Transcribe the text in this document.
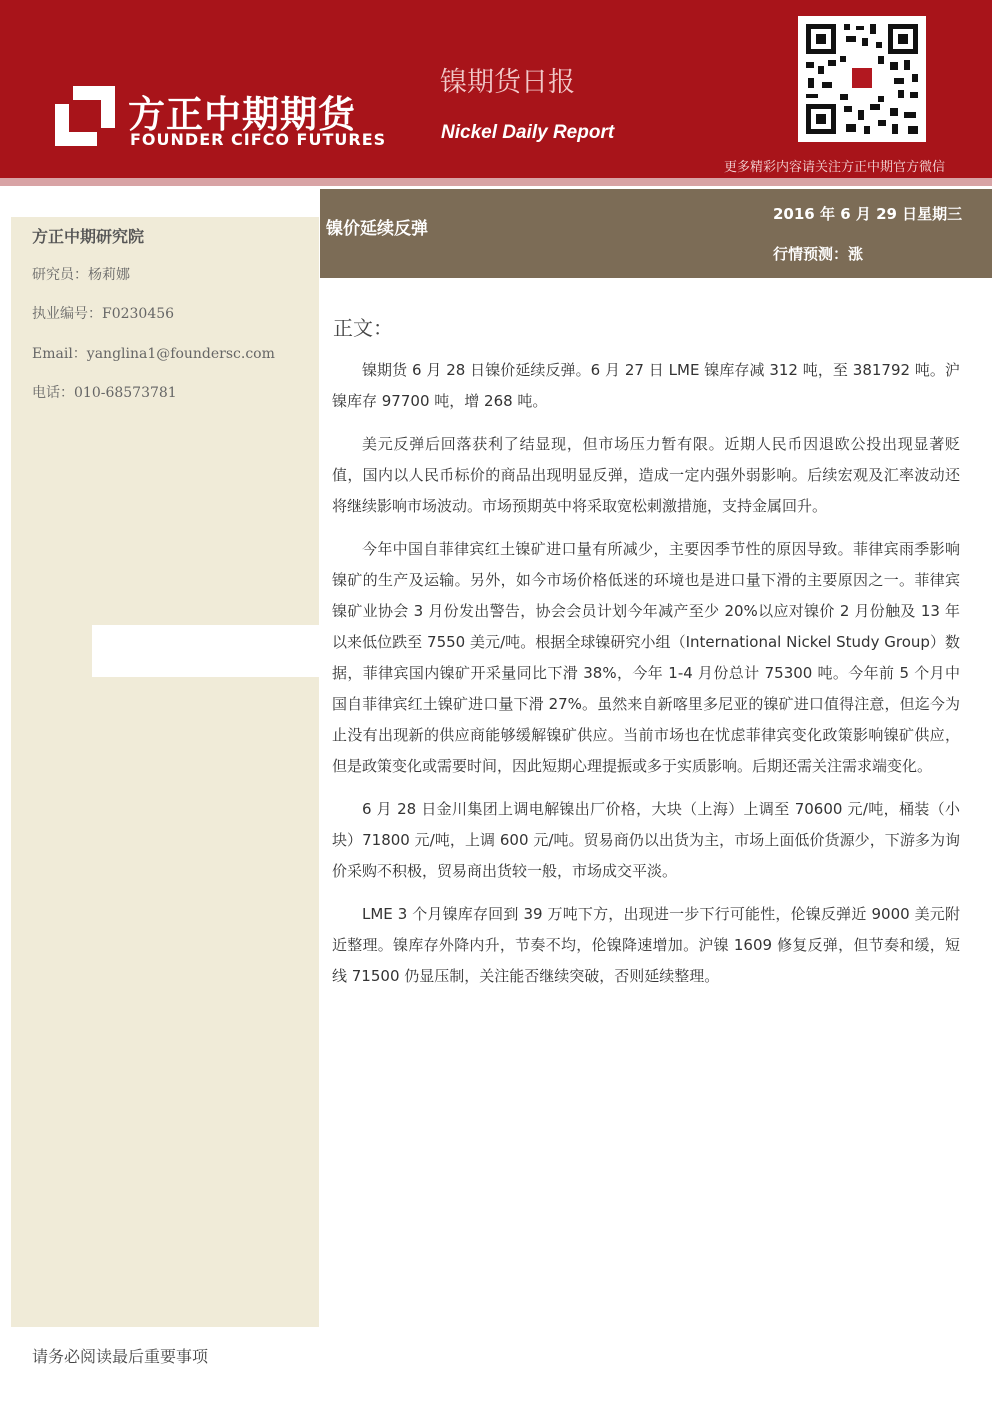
方正中期期货
FOUNDER CIFCO FUTURES
镍期货日报
Nickel Daily Report
更多精彩内容请关注方正中期官方微信
方正中期研究院
研究员：杨莉娜
执业编号：F0230456
Email：yanglina1@foundersc.com
电话：010-68573781
镍价延续反弹
2016 年 6 月 29 日星期三
行情预测：涨
正文：

镍期货 6 月 28 日镍价延续反弹。6 月 27 日 LME 镍库存减 312 吨，至 381792 吨。沪镍库存 97700 吨，增 268 吨。

美元反弹后回落获利了结显现，但市场压力暂有限。近期人民币因退欧公投出现显著贬值，国内以人民币标价的商品出现明显反弹，造成一定内强外弱影响。后续宏观及汇率波动还将继续影响市场波动。市场预期英中将采取宽松刺激措施，支持金属回升。

今年中国自菲律宾红土镍矿进口量有所减少，主要因季节性的原因导致。菲律宾雨季影响镍矿的生产及运输。另外，如今市场价格低迷的环境也是进口量下滑的主要原因之一。菲律宾镍矿业协会 3 月份发出警告，协会会员计划今年减产至少 20%以应对镍价 2 月份触及 13 年以来低位跌至 7550 美元/吨。根据全球镍研究小组（International Nickel Study Group）数据，菲律宾国内镍矿开采量同比下滑 38%，今年 1-4 月份总计 75300 吨。今年前 5 个月中国自菲律宾红土镍矿进口量下滑 27%。虽然来自新喀里多尼亚的镍矿进口值得注意，但迄今为止没有出现新的供应商能够缓解镍矿供应。当前市场也在忧虑菲律宾变化政策影响镍矿供应，但是政策变化或需要时间，因此短期心理提振或多于实质影响。后期还需关注需求端变化。

6 月 28 日金川集团上调电解镍出厂价格，大块（上海）上调至 70600 元/吨，桶装（小块）71800 元/吨，上调 600 元/吨。贸易商仍以出货为主，市场上面低价货源少，下游多为询价采购不积极，贸易商出货较一般，市场成交平淡。

LME 3 个月镍库存回到 39 万吨下方，出现进一步下行可能性，伦镍反弹近 9000 美元附近整理。镍库存外降内升，节奏不均，伦镍降速增加。沪镍 1609 修复反弹，但节奏和缓，短线 71500 仍显压制，关注能否继续突破，否则延续整理。

请务必阅读最后重要事项
